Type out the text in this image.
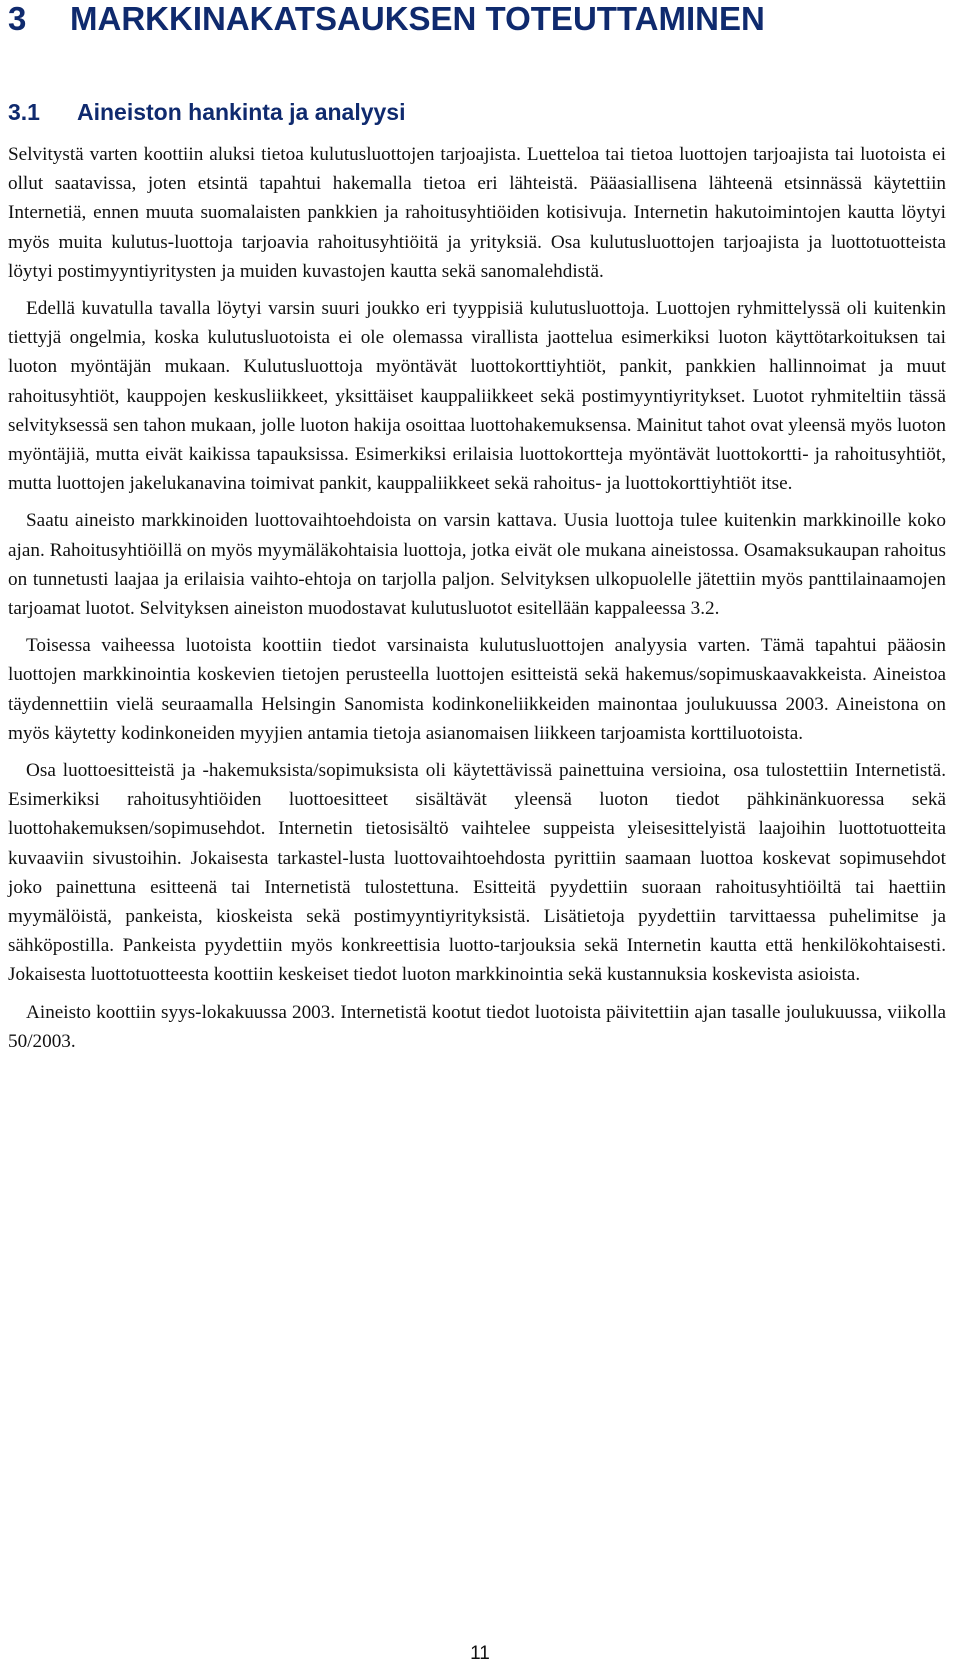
3 MARKKINAKATSAUKSEN TOTEUTTAMINEN
3.1 Aineiston hankinta ja analyysi

Selvitystä varten koottiin aluksi tietoa kulutusluottojen tarjoajista. Luetteloa tai tietoa luottojen tarjoajista tai luotoista ei ollut saatavissa, joten etsintä tapahtui hakemalla tietoa eri lähteistä. Pääasiallisena lähteenä etsinnässä käytettiin Internetiä, ennen muuta suomalaisten pankkien ja rahoitusyhtiöiden kotisivuja. Internetin hakutoimintojen kautta löytyi myös muita kulutus-luottoja tarjoavia rahoitusyhtiöitä ja yrityksiä. Osa kulutusluottojen tarjoajista ja luottotuotteista löytyi postimyyntiyritysten ja muiden kuvastojen kautta sekä sanomalehdistä.

Edellä kuvatulla tavalla löytyi varsin suuri joukko eri tyyppisiä kulutusluottoja. Luottojen ryhmittelyssä oli kuitenkin tiettyjä ongelmia, koska kulutusluotoista ei ole olemassa virallista jaottelua esimerkiksi luoton käyttötarkoituksen tai luoton myöntäjän mukaan. Kulutusluottoja myöntävät luottokorttiyhtiöt, pankit, pankkien hallinnoimat ja muut rahoitusyhtiöt, kauppojen keskusliikkeet, yksittäiset kauppaliikkeet sekä postimyyntiyritykset. Luotot ryhmiteltiin tässä selvityksessä sen tahon mukaan, jolle luoton hakija osoittaa luottohakemuksensa. Mainitut tahot ovat yleensä myös luoton myöntäjiä, mutta eivät kaikissa tapauksissa. Esimerkiksi erilaisia luottokortteja myöntävät luottokortti- ja rahoitusyhtiöt, mutta luottojen jakelukanavina toimivat pankit, kauppaliikkeet sekä rahoitus- ja luottokorttiyhtiöt itse.

Saatu aineisto markkinoiden luottovaihtoehdoista on varsin kattava. Uusia luottoja tulee kuitenkin markkinoille koko ajan. Rahoitusyhtiöillä on myös myymäläkohtaisia luottoja, jotka eivät ole mukana aineistossa. Osamaksukaupan rahoitus on tunnetusti laajaa ja erilaisia vaihto-ehtoja on tarjolla paljon. Selvityksen ulkopuolelle jätettiin myös panttilainaamojen tarjoamat luotot. Selvityksen aineiston muodostavat kulutusluotot esitellään kappaleessa 3.2.

Toisessa vaiheessa luotoista koottiin tiedot varsinaista kulutusluottojen analyysia varten. Tämä tapahtui pääosin luottojen markkinointia koskevien tietojen perusteella luottojen esitteistä sekä hakemus/sopimuskaavakkeista. Aineistoa täydennettiin vielä seuraamalla Helsingin Sanomista kodinkoneliikkeiden mainontaa joulukuussa 2003. Aineistona on myös käytetty kodinkoneiden myyjien antamia tietoja asianomaisen liikkeen tarjoamista korttiluotoista.

Osa luottoesitteistä ja -hakemuksista/sopimuksista oli käytettävissä painettuina versioina, osa tulostettiin Internetistä. Esimerkiksi rahoitusyhtiöiden luottoesitteet sisältävät yleensä luoton tiedot pähkinänkuoressa sekä luottohakemuksen/sopimusehdot. Internetin tietosisältö vaihtelee suppeista yleisesittelyistä laajoihin luottotuotteita kuvaaviin sivustoihin. Jokaisesta tarkastel-lusta luottovaihtoehdosta pyrittiin saamaan luottoa koskevat sopimusehdot joko painettuna esitteenä tai Internetistä tulostettuna. Esitteitä pyydettiin suoraan rahoitusyhtiöiltä tai haettiin myymälöistä, pankeista, kioskeista sekä postimyyntiyrityksistä. Lisätietoja pyydettiin tarvittaessa puhelimitse ja sähköpostilla. Pankeista pyydettiin myös konkreettisia luotto-tarjouksia sekä Internetin kautta että henkilökohtaisesti. Jokaisesta luottotuotteesta koottiin keskeiset tiedot luoton markkinointia sekä kustannuksia koskevista asioista.

Aineisto koottiin syys-lokakuussa 2003. Internetistä kootut tiedot luotoista päivitettiin ajan tasalle joulukuussa, viikolla 50/2003.

11
